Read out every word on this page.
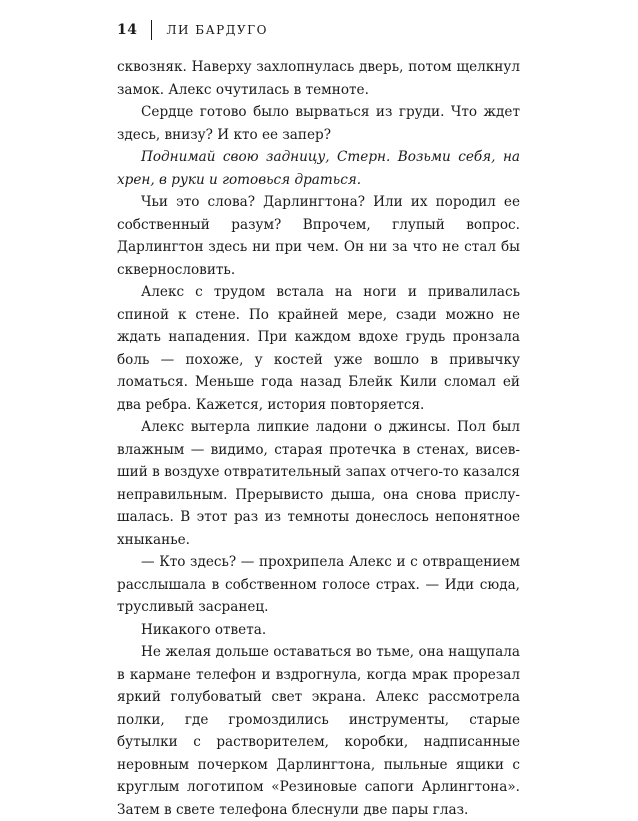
14 ЛИ БАРДУГО

сквозняк. Наверху захлопнулась дверь, потом щелкнул замок. Алекс очутилась в темноте.

Сердце готово было вырваться из груди. Что ждет здесь, внизу? И кто ее запер?

Поднимай свою задницу, Стерн. Возьми себя, на хрен, в руки и готовься драться.

Чьи это слова? Дарлингтона? Или их породил ее собственный разум? Впрочем, глупый вопрос. Дарлингтон здесь ни при чем. Он ни за что не стал бы сквернословить.

Алекс с трудом встала на ноги и привалилась спиной к стене. По крайней мере, сзади можно не ждать нападения. При каждом вдохе грудь пронзала боль — похоже, у костей уже вошло в привычку ломаться. Меньше года назад Блейк Кили сломал ей два ребра. Кажется, история повторяется.

Алекс вытерла липкие ладони о джинсы. Пол был влажным — видимо, старая протечка в стенах, висевший в воздухе отвратительный запах отчего-то казался неправильным. Прерывисто дыша, она снова прислушалась. В этот раз из темноты донеслось непонятное хныканье.

— Кто здесь? — прохрипела Алекс и с отвращением расслышала в собственном голосе страх. — Иди сюда, трусливый засранец.

Никакого ответа.

Не желая дольше оставаться во тьме, она нащупала в кармане телефон и вздрогнула, когда мрак прорезал яркий голубоватый свет экрана. Алекс рассмотрела полки, где громоздились инструменты, старые бутылки с растворителем, коробки, надписанные неровным почерком Дарлингтона, пыльные ящики с круглым логотипом «Резиновые сапоги Арлингтона». Затем в свете телефона блеснули две пары глаз.
